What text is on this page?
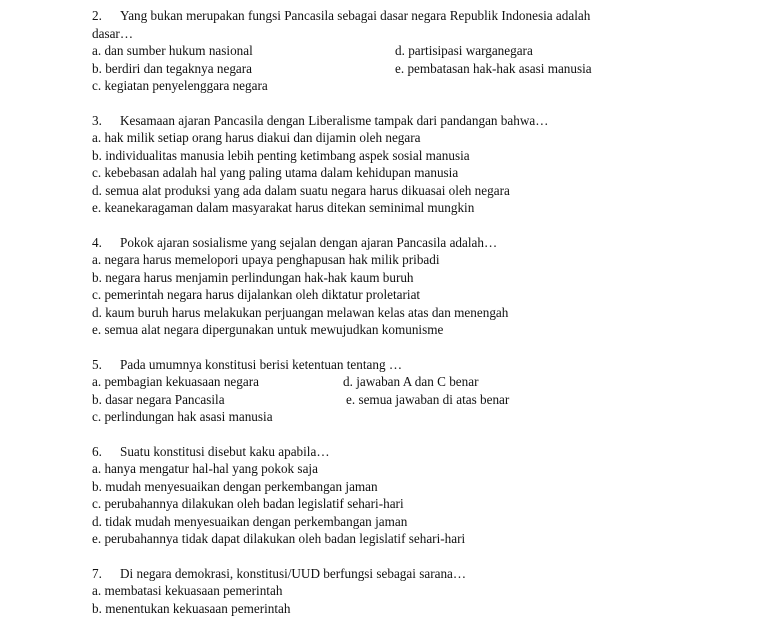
2. Yang bukan merupakan fungsi Pancasila sebagai dasar negara Republik Indonesia adalah
dasar…
a. dan sumber hukum nasional	d. partisipasi warganegara
b. berdiri dan tegaknya negara	e. pembatasan hak-hak asasi manusia
c. kegiatan penyelenggara negara
3. Kesamaan ajaran Pancasila dengan Liberalisme tampak dari pandangan bahwa…
a. hak milik setiap orang harus diakui dan dijamin oleh negara
b. individualitas manusia lebih penting ketimbang aspek sosial manusia
c. kebebasan adalah hal yang paling utama dalam kehidupan manusia
d. semua alat produksi yang ada dalam suatu negara harus dikuasai oleh negara
e. keanekaragaman dalam masyarakat harus ditekan seminimal mungkin
4. Pokok ajaran sosialisme yang sejalan dengan ajaran Pancasila adalah…
a. negara harus memelopori upaya penghapusan hak milik pribadi
b. negara harus menjamin perlindungan hak-hak kaum buruh
c. pemerintah negara harus dijalankan oleh diktatur proletariat
d. kaum buruh harus melakukan perjuangan melawan kelas atas dan menengah
e. semua alat negara dipergunakan untuk mewujudkan komunisme
5. Pada umumnya konstitusi berisi ketentuan tentang …
a. pembagian kekuasaan negara	d. jawaban A dan C benar
b. dasar negara Pancasila	e. semua jawaban di atas benar
c. perlindungan hak asasi manusia
6. Suatu konstitusi disebut kaku apabila…
a. hanya mengatur hal-hal yang pokok saja
b. mudah menyesuaikan dengan perkembangan jaman
c. perubahannya dilakukan oleh badan legislatif sehari-hari
d. tidak mudah menyesuaikan dengan perkembangan jaman
e. perubahannya tidak dapat dilakukan oleh badan legislatif sehari-hari
7. Di negara demokrasi, konstitusi/UUD berfungsi sebagai sarana…
a. membatasi kekuasaan pemerintah
b. menentukan kekuasaan pemerintah
